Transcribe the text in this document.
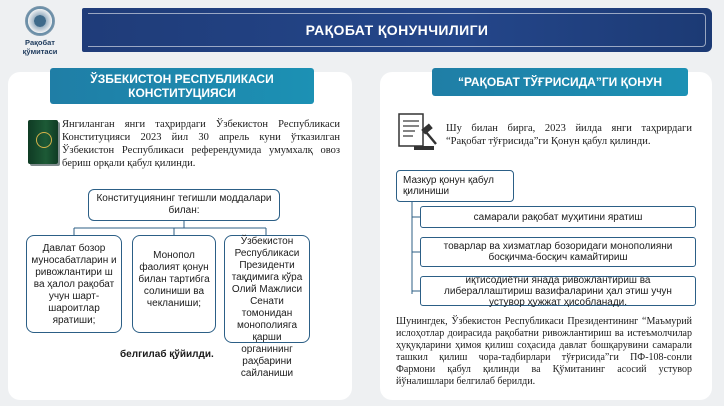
Рақобат
қўмитаси
РАҚОБАТ ҚОНУНЧИЛИГИ
ЎЗБЕКИСТОН РЕСПУБЛИКАСИ КОНСТИТУЦИЯСИ
Янгиланган янги таҳрирдаги Ўзбекистон Республикаси Конституцияси 2023 йил 30 апрель куни ўтказилган Ўзбекистон Республикаси референдумида умумхалқ овоз бериш орқали қабул қилинди.
Конституциянинг тегишли моддалари билан:
Давлат бозор муносабатларин и ривожлантири ш ва ҳалол рақобат учун шарт-шароитлар яратиши;
Монопол фаолият қонун билан тартибга солиниши ва чекланиши;
Ўзбекистон Республикаси Президенти тақдимига кўра Олий Мажлиси Сенати томонидан монополияга қарши органининг раҳбарини сайланиши
белгилаб қўйилди.
“РАҚОБАТ ТЎҒРИСИДА”ГИ ҚОНУН
Шу билан бирга, 2023 йилда янги таҳрирдаги “Рақобат тўғрисида”ги Қонун қабул қилинди.
Мазкур қонун қабул қилиниши
самарали рақобат муҳитини яратиш
товарлар ва хизматлар бозоридаги монополияни босқичма-босқич камайтириш
иқтисодиётни янада ривожлантириш ва либераллаштириш вазифаларини ҳал этиш учун устувор ҳужжат ҳисобланади.
Шунингдек, Ўзбекистон Республикаси Президентининг “Маъмурий ислоҳотлар доирасида рақобатни ривожлантириш ва истеъмолчилар ҳуқуқларини ҳимоя қилиш соҳасида давлат бошқарувини самарали ташкил қилиш чора-тадбирлари тўғрисида”ги ПФ-108-сонли Фармони қабул қилинди ва Қўмитанинг асосий устувор йўналишлари белгилаб берилди.
